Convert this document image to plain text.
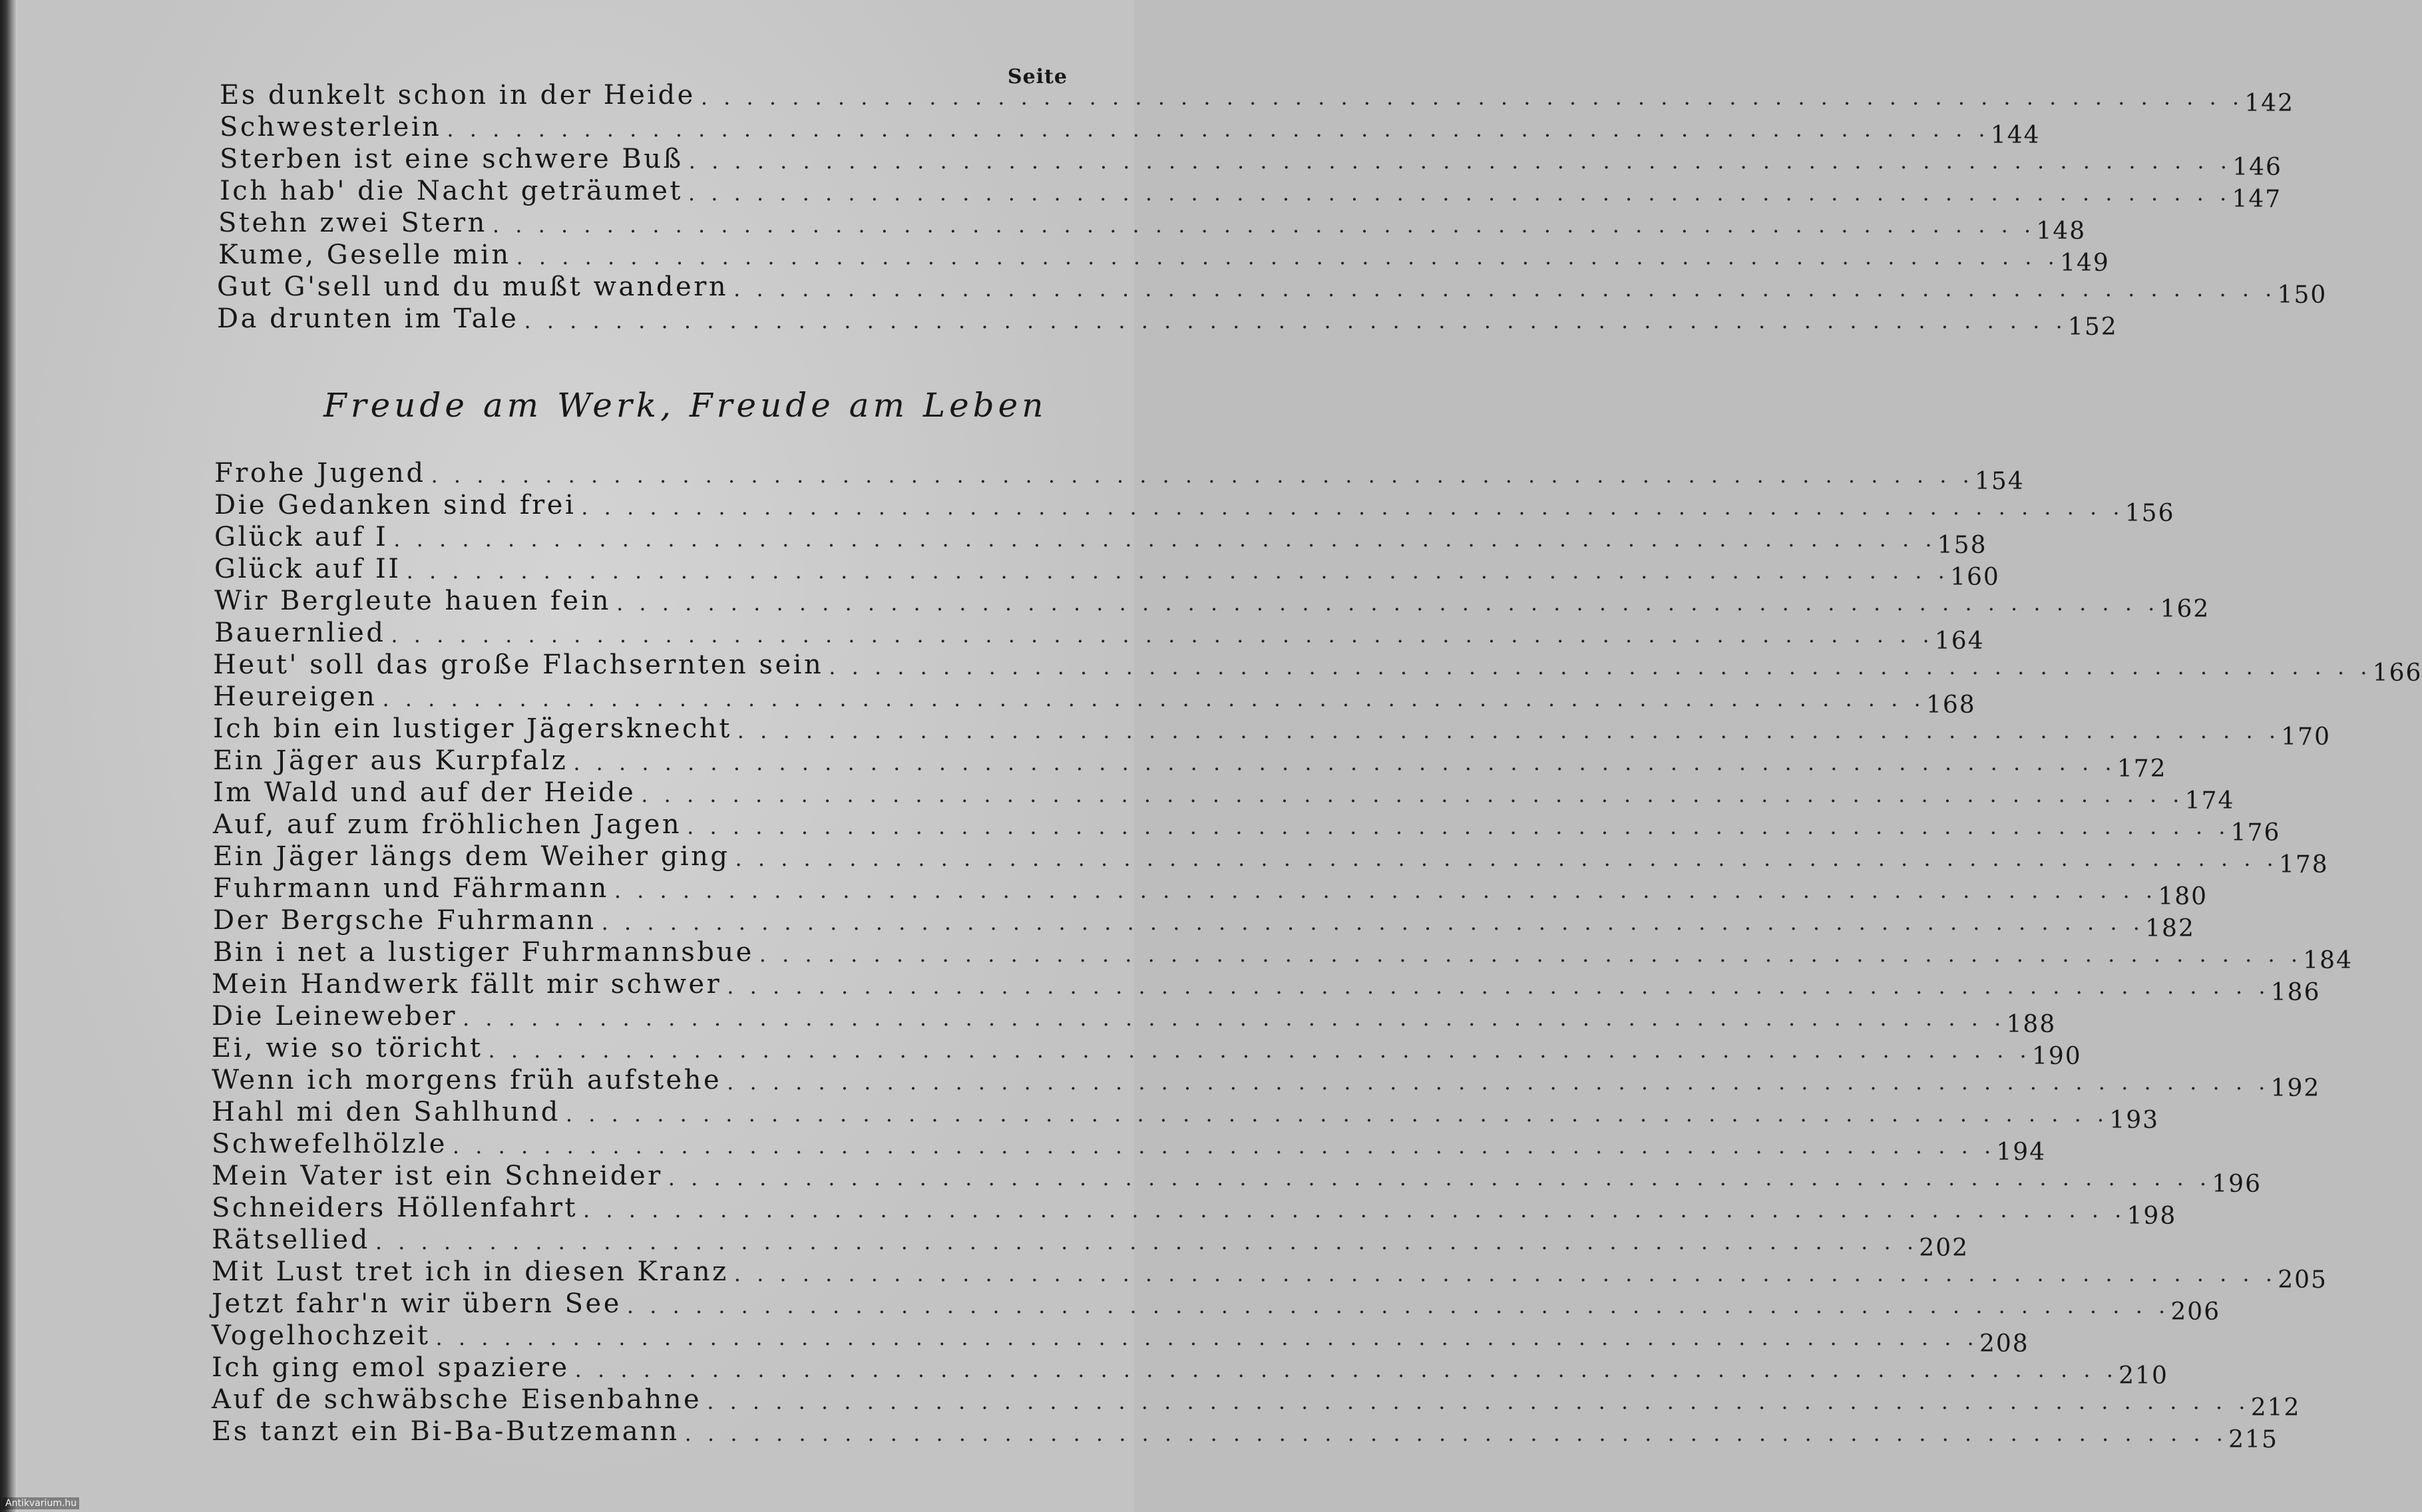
Seite
Es dunkelt schon in der Heide . . . . . . . . . . . . . . . . . . . . . . . . . . . . . . . . . . . . . . . . . . . . . . . . . . . . . . . . . . . . . . . . . . . . 142
Schwesterlein . . . . . . . . . . . . . . . . . . . . . . . . . . . . . . . . . . . . . . . . . . . . . . . . . . . . . . . . . . . . . . . . . . . . 144
Sterben ist eine schwere Buß . . . . . . . . . . . . . . . . . . . . . . . . . . . . . . . . . . . . . . . . . . . . . . . . . . . . . . . . . . . . . . . . . . . . 146
Ich hab' die Nacht geträumet . . . . . . . . . . . . . . . . . . . . . . . . . . . . . . . . . . . . . . . . . . . . . . . . . . . . . . . . . . . . . . . . . . . . 147
Stehn zwei Stern . . . . . . . . . . . . . . . . . . . . . . . . . . . . . . . . . . . . . . . . . . . . . . . . . . . . . . . . . . . . . . . . . . . . 148
Kume, Geselle min . . . . . . . . . . . . . . . . . . . . . . . . . . . . . . . . . . . . . . . . . . . . . . . . . . . . . . . . . . . . . . . . . . . . 149
Gut G'sell und du mußt wandern . . . . . . . . . . . . . . . . . . . . . . . . . . . . . . . . . . . . . . . . . . . . . . . . . . . . . . . . . . . . . . . . . . . . 150
Da drunten im Tale . . . . . . . . . . . . . . . . . . . . . . . . . . . . . . . . . . . . . . . . . . . . . . . . . . . . . . . . . . . . . . . . . . . . 152
Freude am Werk, Freude am Leben
Frohe Jugend . . . . . . . . . . . . . . . . . . . . . . . . . . . . . . . . . . . . . . . . . . . . . . . . . . . . . . . . . . . . . . . . . . . . 154
Die Gedanken sind frei . . . . . . . . . . . . . . . . . . . . . . . . . . . . . . . . . . . . . . . . . . . . . . . . . . . . . . . . . . . . . . . . . . . . 156
Glück auf I . . . . . . . . . . . . . . . . . . . . . . . . . . . . . . . . . . . . . . . . . . . . . . . . . . . . . . . . . . . . . . . . . . . . 158
Glück auf II . . . . . . . . . . . . . . . . . . . . . . . . . . . . . . . . . . . . . . . . . . . . . . . . . . . . . . . . . . . . . . . . . . . . 160
Wir Bergleute hauen fein . . . . . . . . . . . . . . . . . . . . . . . . . . . . . . . . . . . . . . . . . . . . . . . . . . . . . . . . . . . . . . . . . . . . 162
Bauernlied . . . . . . . . . . . . . . . . . . . . . . . . . . . . . . . . . . . . . . . . . . . . . . . . . . . . . . . . . . . . . . . . . . . . 164
Heut' soll das große Flachsernten sein . . . . . . . . . . . . . . . . . . . . . . . . . . . . . . . . . . . . . . . . . . . . . . . . . . . . . . . . . . . . . . . . . . . . 166
Heureigen . . . . . . . . . . . . . . . . . . . . . . . . . . . . . . . . . . . . . . . . . . . . . . . . . . . . . . . . . . . . . . . . . . . . 168
Ich bin ein lustiger Jägersknecht . . . . . . . . . . . . . . . . . . . . . . . . . . . . . . . . . . . . . . . . . . . . . . . . . . . . . . . . . . . . . . . . . . . . 170
Ein Jäger aus Kurpfalz . . . . . . . . . . . . . . . . . . . . . . . . . . . . . . . . . . . . . . . . . . . . . . . . . . . . . . . . . . . . . . . . . . . . 172
Im Wald und auf der Heide . . . . . . . . . . . . . . . . . . . . . . . . . . . . . . . . . . . . . . . . . . . . . . . . . . . . . . . . . . . . . . . . . . . . 174
Auf, auf zum fröhlichen Jagen . . . . . . . . . . . . . . . . . . . . . . . . . . . . . . . . . . . . . . . . . . . . . . . . . . . . . . . . . . . . . . . . . . . . 176
Ein Jäger längs dem Weiher ging . . . . . . . . . . . . . . . . . . . . . . . . . . . . . . . . . . . . . . . . . . . . . . . . . . . . . . . . . . . . . . . . . . . . 178
Fuhrmann und Fährmann . . . . . . . . . . . . . . . . . . . . . . . . . . . . . . . . . . . . . . . . . . . . . . . . . . . . . . . . . . . . . . . . . . . . 180
Der Bergsche Fuhrmann . . . . . . . . . . . . . . . . . . . . . . . . . . . . . . . . . . . . . . . . . . . . . . . . . . . . . . . . . . . . . . . . . . . . 182
Bin i net a lustiger Fuhrmannsbue . . . . . . . . . . . . . . . . . . . . . . . . . . . . . . . . . . . . . . . . . . . . . . . . . . . . . . . . . . . . . . . . . . . . 184
Mein Handwerk fällt mir schwer . . . . . . . . . . . . . . . . . . . . . . . . . . . . . . . . . . . . . . . . . . . . . . . . . . . . . . . . . . . . . . . . . . . . 186
Die Leineweber . . . . . . . . . . . . . . . . . . . . . . . . . . . . . . . . . . . . . . . . . . . . . . . . . . . . . . . . . . . . . . . . . . . . 188
Ei, wie so töricht . . . . . . . . . . . . . . . . . . . . . . . . . . . . . . . . . . . . . . . . . . . . . . . . . . . . . . . . . . . . . . . . . . . . 190
Wenn ich morgens früh aufstehe . . . . . . . . . . . . . . . . . . . . . . . . . . . . . . . . . . . . . . . . . . . . . . . . . . . . . . . . . . . . . . . . . . . . 192
Hahl mi den Sahlhund . . . . . . . . . . . . . . . . . . . . . . . . . . . . . . . . . . . . . . . . . . . . . . . . . . . . . . . . . . . . . . . . . . . . 193
Schwefelhölzle . . . . . . . . . . . . . . . . . . . . . . . . . . . . . . . . . . . . . . . . . . . . . . . . . . . . . . . . . . . . . . . . . . . . 194
Mein Vater ist ein Schneider . . . . . . . . . . . . . . . . . . . . . . . . . . . . . . . . . . . . . . . . . . . . . . . . . . . . . . . . . . . . . . . . . . . . 196
Schneiders Höllenfahrt . . . . . . . . . . . . . . . . . . . . . . . . . . . . . . . . . . . . . . . . . . . . . . . . . . . . . . . . . . . . . . . . . . . . 198
Rätsellied . . . . . . . . . . . . . . . . . . . . . . . . . . . . . . . . . . . . . . . . . . . . . . . . . . . . . . . . . . . . . . . . . . . . 202
Mit Lust tret ich in diesen Kranz . . . . . . . . . . . . . . . . . . . . . . . . . . . . . . . . . . . . . . . . . . . . . . . . . . . . . . . . . . . . . . . . . . . . 205
Jetzt fahr'n wir übern See . . . . . . . . . . . . . . . . . . . . . . . . . . . . . . . . . . . . . . . . . . . . . . . . . . . . . . . . . . . . . . . . . . . . 206
Vogelhochzeit . . . . . . . . . . . . . . . . . . . . . . . . . . . . . . . . . . . . . . . . . . . . . . . . . . . . . . . . . . . . . . . . . . . . 208
Ich ging emol spaziere . . . . . . . . . . . . . . . . . . . . . . . . . . . . . . . . . . . . . . . . . . . . . . . . . . . . . . . . . . . . . . . . . . . . 210
Auf de schwäbsche Eisenbahne . . . . . . . . . . . . . . . . . . . . . . . . . . . . . . . . . . . . . . . . . . . . . . . . . . . . . . . . . . . . . . . . . . . . 212
Es tanzt ein Bi-Ba-Butzemann . . . . . . . . . . . . . . . . . . . . . . . . . . . . . . . . . . . . . . . . . . . . . . . . . . . . . . . . . . . . . . . . . . . . 215
Antikvarium.hu
